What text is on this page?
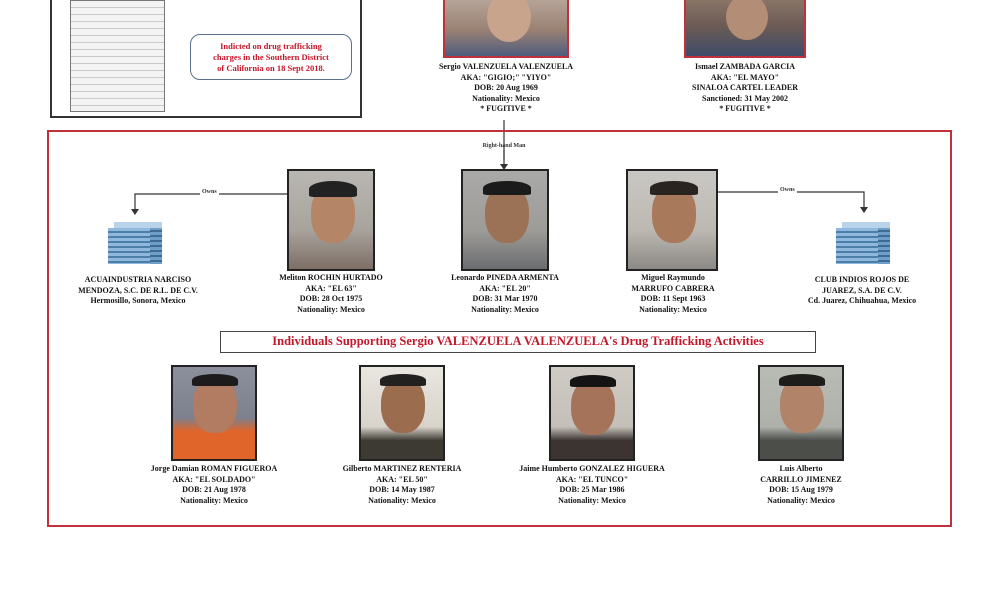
Indicted on drug trafficking
charges in the Southern District
of California on 18 Sept 2018.	Sergio VALENZUELA VALENZUELA
AKA: "GIGIO;" "YIYO"
DOB: 20 Aug 1969
Nationality: Mexico
* FUGITIVE *
Ismael ZAMBADA GARCIA
AKA: "EL MAYO"
SINALOA CARTEL LEADER
Sanctioned: 31 May 2002
* FUGITIVE *
Right-hand Man
Owns	Owns
ACUAINDUSTRIA NARCISO
MENDOZA, S.C. DE R.L. DE C.V.
Hermosillo, Sonora, Mexico
CLUB INDIOS ROJOS DE
JUAREZ, S.A. DE C.V.
Cd. Juarez, Chihuahua, Mexico
Meliton ROCHIN HURTADO
AKA: "EL 63"
DOB: 28 Oct 1975
Nationality: Mexico
Leonardo PINEDA ARMENTA
AKA: "EL 20"
DOB: 31 Mar 1970
Nationality: Mexico
Miguel Raymundo
MARRUFO CABRERA
DOB: 11 Sept 1963
Nationality: Mexico
Individuals Supporting Sergio VALENZUELA VALENZUELA's Drug Trafficking Activities
Jorge Damian ROMAN FIGUEROA
AKA: "EL SOLDADO"
DOB: 21 Aug 1978
Nationality: Mexico
Gilberto MARTINEZ RENTERIA
AKA: "EL 50"
DOB: 14 May 1987
Nationality: Mexico
Jaime Humberto GONZALEZ HIGUERA
AKA: "EL TUNCO"
DOB: 25 Mar 1986
Nationality: Mexico
Luis Alberto
CARRILLO JIMENEZ
DOB: 15 Aug 1979
Nationality: Mexico
